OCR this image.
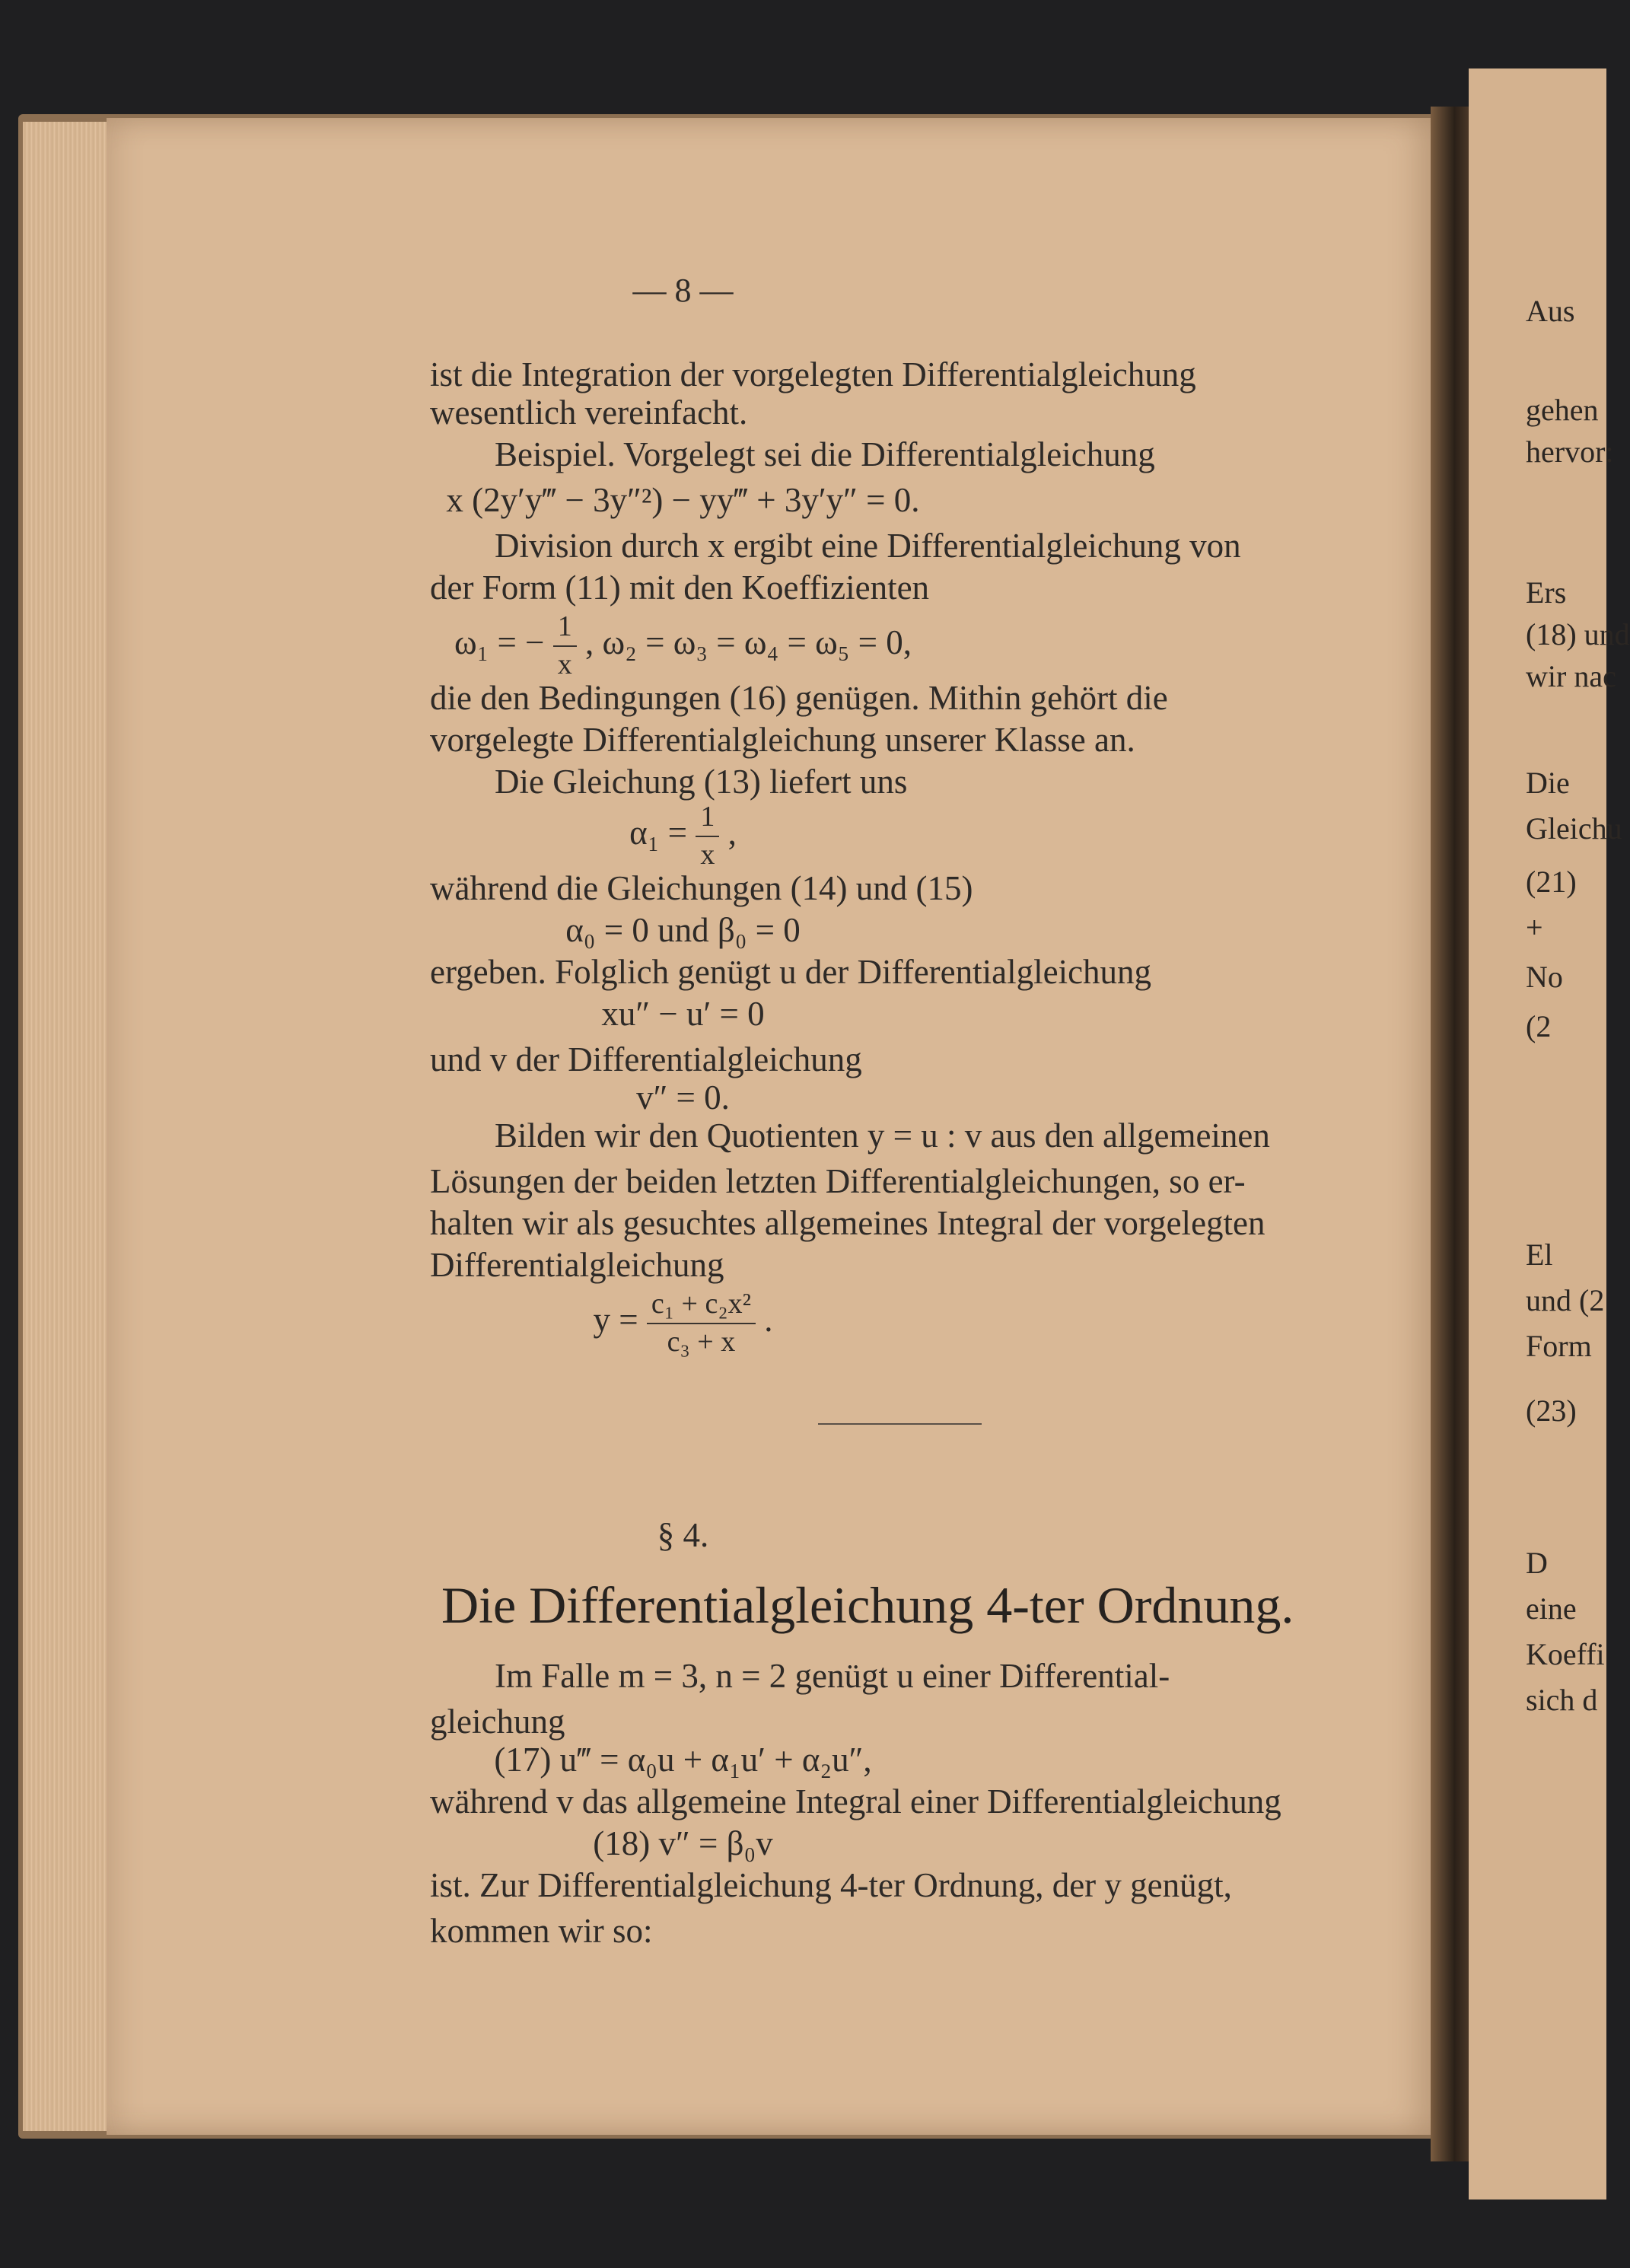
Aus
gehen
hervor:
Ers
(18) und
wir nac
Die
Gleichu
(21)
+
No
(2
El
und (2
Form
(23)
D
eine
Koeffi
sich d
— 8 —
ist die Integration der vorgelegten Differentialgleichung
wesentlich vereinfacht.
Beispiel. Vorgelegt sei die Differentialgleichung
x (2y′y‴ − 3y″²) − yy‴ + 3y′y″ = 0.
Division durch x ergibt eine Differentialgleichung von
der Form (11) mit den Koeffizienten
ω₁ = − $\frac{1}{x}$ , ω₂ = ω₃ = ω₄ = ω₅ = 0,
die den Bedingungen (16) genügen. Mithin gehört die
vorgelegte Differentialgleichung unserer Klasse an.
Die Gleichung (13) liefert uns
$\alpha_1 = \frac{1}{x}$ ,
während die Gleichungen (14) und (15)
α₀ = 0 und β₀ = 0
ergeben. Folglich genügt u der Differentialgleichung
xu″ − u′ = 0
und v der Differentialgleichung
v″ = 0.
Bilden wir den Quotienten y = u : v aus den allgemeinen
Lösungen der beiden letzten Differentialgleichungen, so er-
halten wir als gesuchtes allgemeines Integral der vorgelegten
Differentialgleichung
$y = \frac{\text{c₁ + c₂x²}}{\text{c₃ + x}}$ .
§ 4.
Die Differentialgleichung 4-ter Ordnung.
Im Falle m = 3, n = 2 genügt u einer Differential-
gleichung
(17) u‴ = α₀u + α₁u′ + α₂u″,
während v das allgemeine Integral einer Differentialgleichung
(18) v″ = β₀v
ist. Zur Differentialgleichung 4-ter Ordnung, der y genügt,
kommen wir so:
